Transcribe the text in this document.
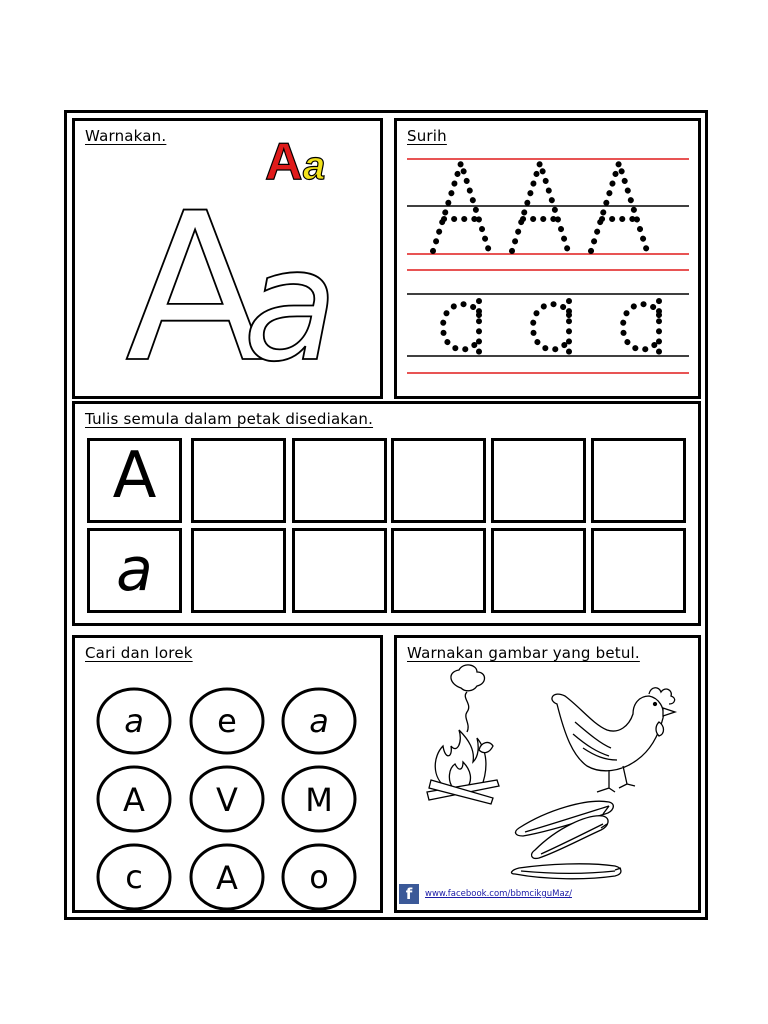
Warnakan. A a
A
a
Surih
Tulis semula dalam petak disediakan.
A
a
Cari dan lorek
a e a
A V M
c A o
Warnakan gambar yang betul.
f	www.facebook.com/bbmcikguMaz/
